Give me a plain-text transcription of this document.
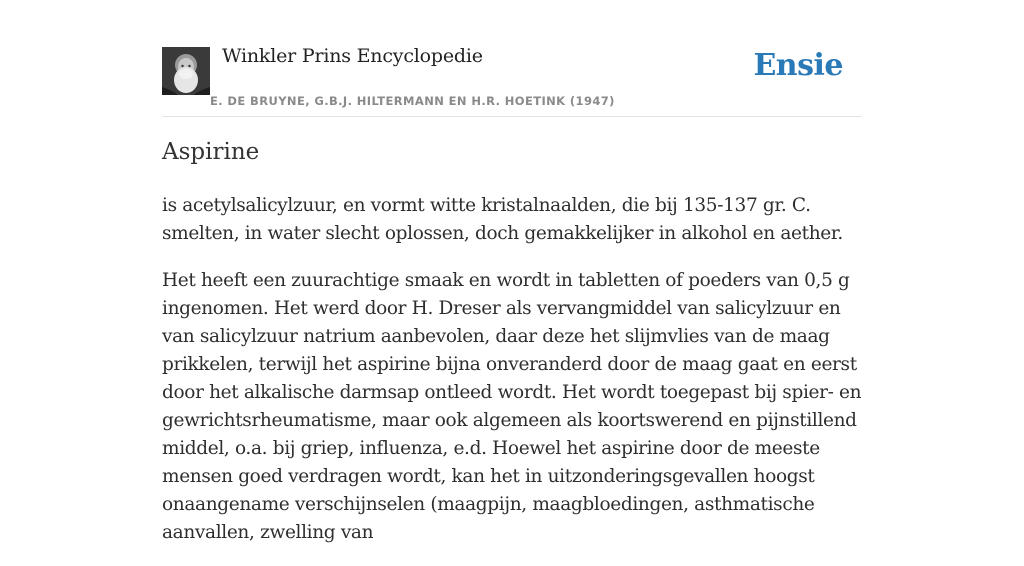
Winkler Prins Encyclopedie
E. DE BRUYNE, G.B.J. HILTERMANN EN H.R. HOETINK (1947)
Ensie
Aspirine

is acetylsalicylzuur, en vormt witte kristalnaalden, die bij 135-137 gr. C. smelten, in water slecht oplossen, doch gemakkelijker in alkohol en aether.

Het heeft een zuurachtige smaak en wordt in tabletten of poeders van 0,5 g ingenomen. Het werd door H. Dreser als vervangmiddel van salicylzuur en van salicylzuur natrium aanbevolen, daar deze het slijmvlies van de maag prikkelen, terwijl het aspirine bijna onveranderd door de maag gaat en eerst door het alkalische darmsap ontleed wordt. Het wordt toegepast bij spier- en gewrichtsrheumatisme, maar ook algemeen als koortswerend en pijnstillend middel, o.a. bij griep, influenza, e.d. Hoewel het aspirine door de meeste mensen goed verdragen wordt, kan het in uitzonderingsgevallen hoogst onaangename verschijnselen (maagpijn, maagbloedingen, asthmatische aanvallen, zwelling van
